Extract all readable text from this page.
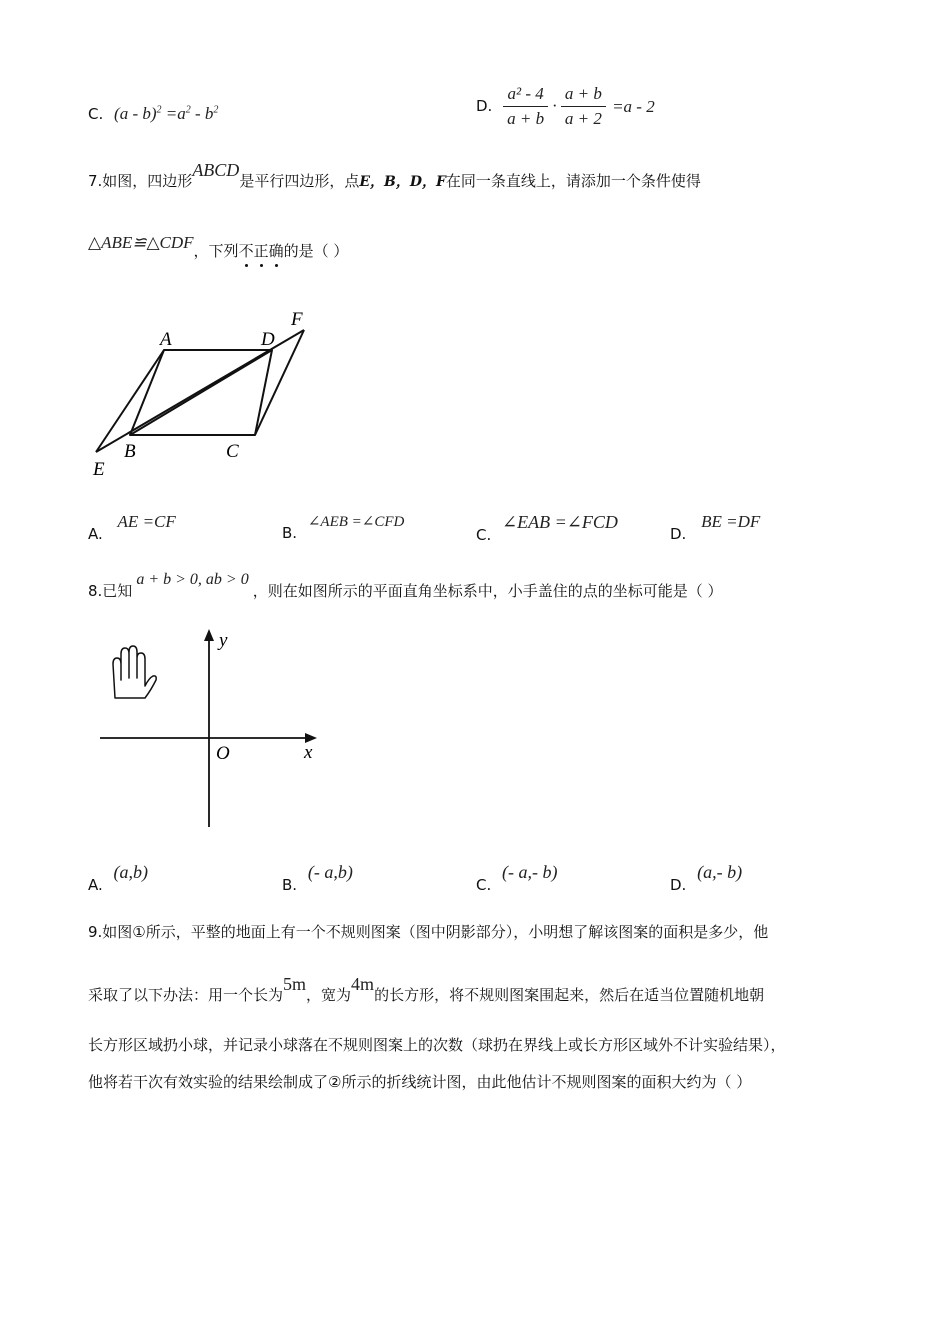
C. $(a - b)^2 =a^2 - b^2$	D. $\frac{\text{a² - 4}}{a + b} \cdot \frac{a + b}{a + 2} =a - 2$
7.如图，四边形ABCD是平行四边形，点E，B，D，F在同一条直线上，请添加一个条件使得
△ABE≌△CDF，下列不正确的是（ ）
A	D
F
B	C
E
A. AE =CF
B. ∠AEB =∠CFD
C. ∠EAB =∠FCD
D. BE =DF
8.已知a + b > 0, ab > 0，则在如图所示的平面直角坐标系中，小手盖住的点的坐标可能是（ ）
y
x
O
A. (a,b)
B. (- a,b)
C. (- a,- b)
D. (a,- b)
9.如图①所示，平整的地面上有一个不规则图案（图中阴影部分），小明想了解该图案的面积是多少，他
采取了以下办法：用一个长为5m，宽为4m的长方形，将不规则图案围起来，然后在适当位置随机地朝
长方形区域扔小球，并记录小球落在不规则图案上的次数（球扔在界线上或长方形区域外不计实验结果），
他将若干次有效实验的结果绘制成了②所示的折线统计图，由此他估计不规则图案的面积大约为（ ）
